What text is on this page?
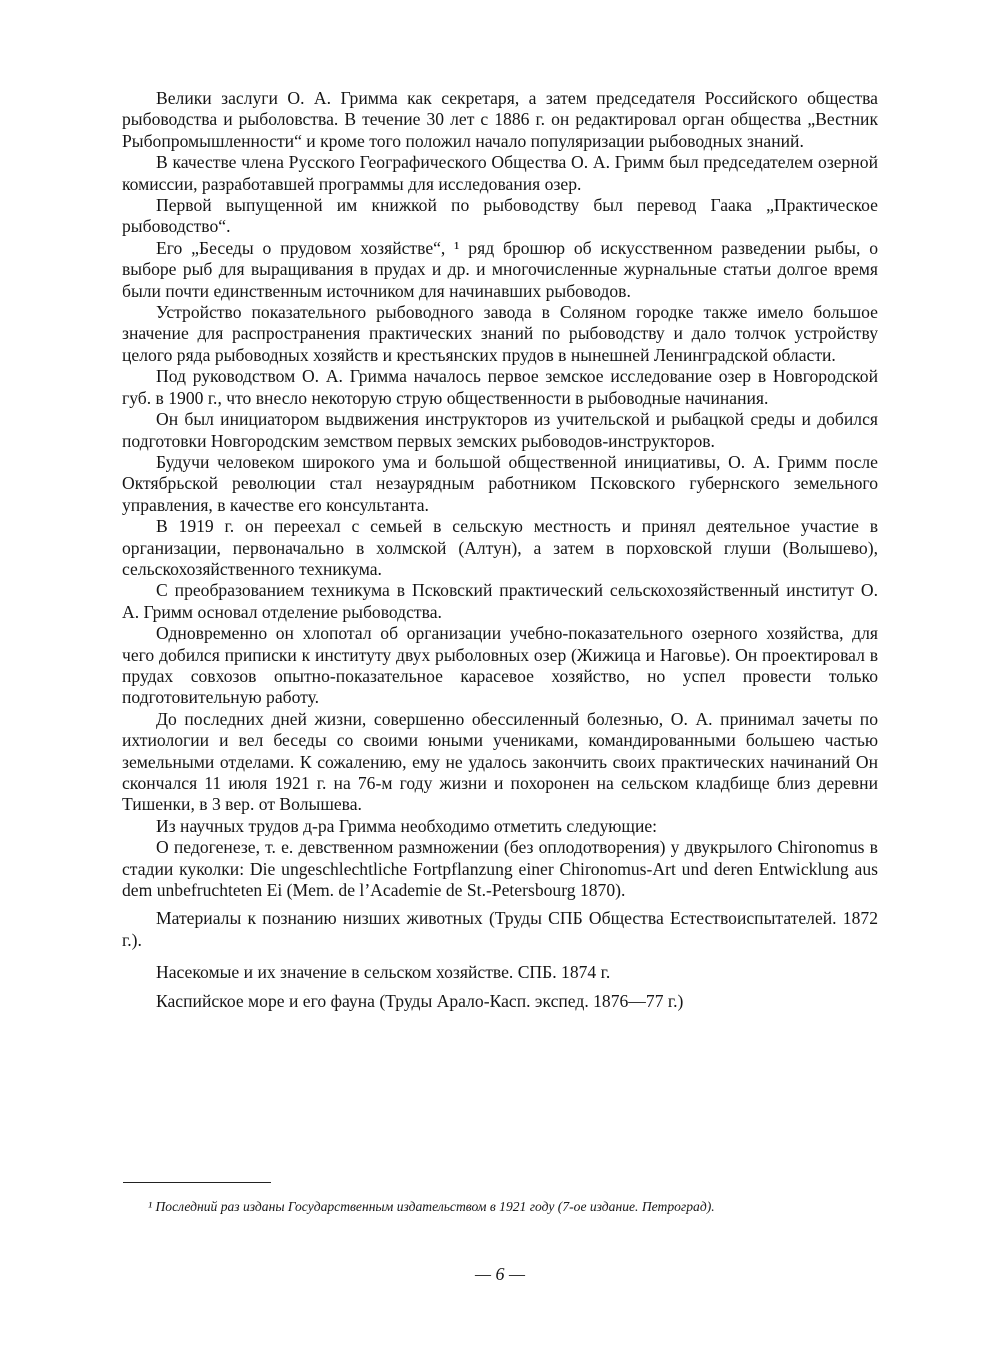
Велики заслуги О. А. Гримма как секретаря, а затем председателя Российского общества рыбоводства и рыболовства. В течение 30 лет с 1886 г. он редактировал орган общества „Вестник Рыбопромышленности“ и кроме того положил начало популяризации рыбоводных знаний.

В качестве члена Русского Географического Общества О. А. Гримм был председателем озерной комиссии, разработавшей программы для исследования озер.

Первой выпущенной им книжкой по рыбоводству был перевод Гаака „Практическое рыбоводство“.

Его „Беседы о прудовом хозяйстве“, ¹ ряд брошюр об искусственном разведении рыбы, о выборе рыб для выращивания в прудах и др. и многочисленные журнальные статьи долгое время были почти единственным источником для начинавших рыбоводов.

Устройство показательного рыбоводного завода в Соляном городке также имело большое значение для распространения практических знаний по рыбоводству и дало толчок устройству целого ряда рыбоводных хозяйств и крестьянских прудов в нынешней Ленинградской области.

Под руководством О. А. Гримма началось первое земское исследование озер в Новгородской губ. в 1900 г., что внесло некоторую струю общественности в рыбоводные начинания.

Он был инициатором выдвижения инструкторов из учительской и рыбацкой среды и добился подготовки Новгородским земством первых земских рыбоводов-инструкторов.

Будучи человеком широкого ума и большой общественной инициативы, О. А. Гримм после Октябрьской революции стал незаурядным работником Псковского губернского земельного управления, в качестве его консультанта.

В 1919 г. он переехал с семьей в сельскую местность и принял деятельное участие в организации, первоначально в холмской (Алтун), а затем в порховской глуши (Волышево), сельскохозяйственного техникума.

С преобразованием техникума в Псковский практический сельскохозяйственный институт О. А. Гримм основал отделение рыбоводства.

Одновременно он хлопотал об организации учебно-показательного озерного хозяйства, для чего добился приписки к институту двух рыболовных озер (Жижица и Наговье). Он проектировал в прудах совхозов опытно-показательное карасевое хозяйство, но успел провести только подготовительную работу.

До последних дней жизни, совершенно обессиленный болезнью, О. А. принимал зачеты по ихтиологии и вел беседы со своими юными учениками, командированными большею частью земельными отделами. К сожалению, ему не удалось закончить своих практических начинаний Он скончался 11 июля 1921 г. на 76-м году жизни и похоронен на сельском кладбище близ деревни Тишенки, в 3 вер. от Волышева.

Из научных трудов д-ра Гримма необходимо отметить следующие:

О педогенезе, т. е. девственном размножении (без оплодотворения) у двукрылого Chironomus в стадии куколки: Die ungeschlechtliche Fortpflanzung einer Chironomus-Art und deren Entwicklung aus dem unbefruchteten Ei (Mem. de l’Academie de St.-Petersbourg 1870).

Материалы к познанию низших животных (Труды СПБ Общества Естествоиспытателей. 1872 г.).

Насекомые и их значение в сельском хозяйстве. СПБ. 1874 г.

Каспийское море и его фауна (Труды Арало-Касп. экспед. 1876—77 г.)

¹ Последний раз изданы Государственным издательством в 1921 году (7-ое издание. Петроград).

— 6 —
